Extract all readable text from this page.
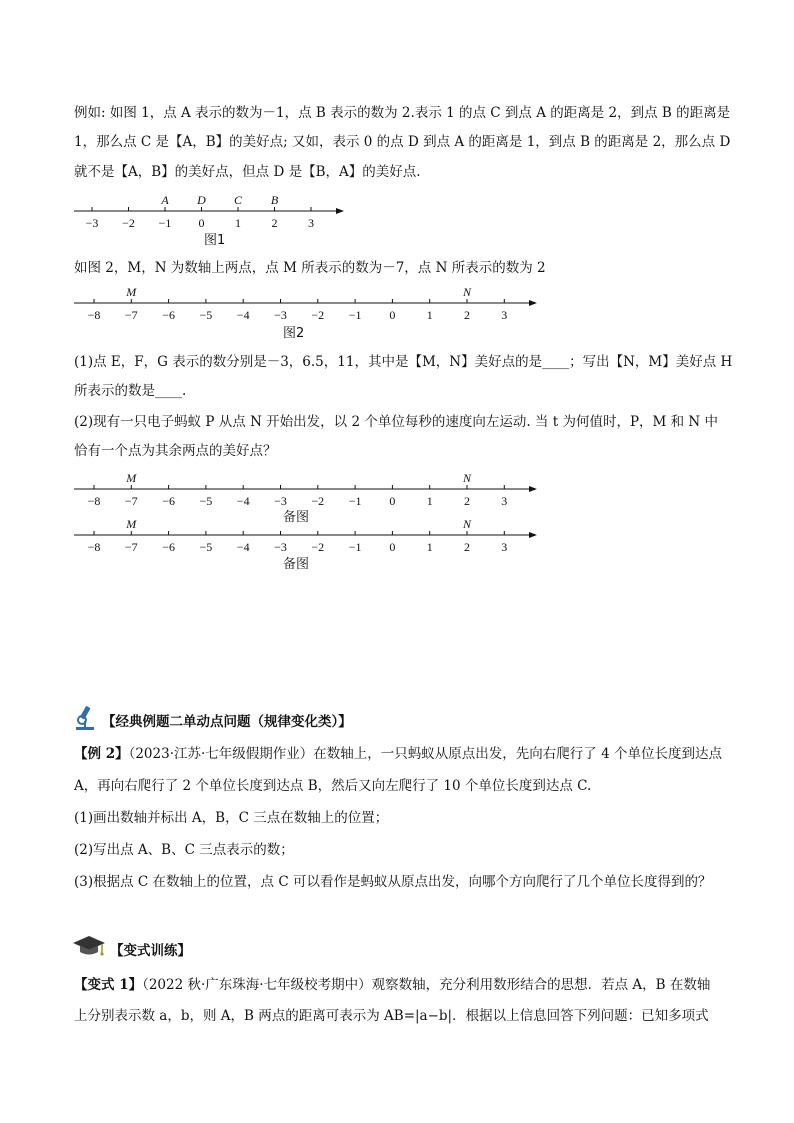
例如: 如图 1，点 A 表示的数为－1，点 B 表示的数为 2.表示 1 的点 C 到点 A 的距离是 2，到点 B 的距离是
1，那么点 C 是【A，B】的美好点; 又如，表示 0 的点 D 到点 A 的距离是 1，到点 B 的距离是 2，那么点 D
就不是【A，B】的美好点，但点 D 是【B，A】的美好点.
−3 −2 −1 0	1	2	3
A D C B
图1
如图 2，M，N 为数轴上两点，点 M 所表示的数为－7，点 N 所表示的数为 2
−8 −7 −6 −5 −4 −3 −2 −1 0	1	2	3
M	N
图2
(1)点 E，F，G 表示的数分别是－3，6.5，11，其中是【M，N】美好点的是____；写出【N，M】美好点 H
所表示的数是____.
(2)现有一只电子蚂蚁 P 从点 N 开始出发，以 2 个单位每秒的速度向左运动. 当 t 为何值时，P，M 和 N 中
恰有一个点为其余两点的美好点？
−8 −7 −6 −5 −4 −3 −2 −1 0	1	2	3
M	N
备图
−8 −7 −6 −5 −4 −3 −2 −1 0	1	2	3
M	N
备图
【经典例题二单动点问题（规律变化类）】
【例 2】（2023·江苏·七年级假期作业）在数轴上，一只蚂蚁从原点出发，先向右爬行了 4 个单位长度到达点
A，再向右爬行了 2 个单位长度到达点 B，然后又向左爬行了 10 个单位长度到达点 C.
(1)画出数轴并标出 A，B，C 三点在数轴上的位置；
(2)写出点 A、B、C 三点表示的数；
(3)根据点 C 在数轴上的位置，点 C 可以看作是蚂蚁从原点出发，向哪个方向爬行了几个单位长度得到的？
【变式训练】
【变式 1】（2022 秋·广东珠海·七年级校考期中）观察数轴，充分利用数形结合的思想．若点 A，B 在数轴
上分别表示数 a，b，则 A，B 两点的距离可表示为 AB=|a−b|．根据以上信息回答下列问题：已知多项式
